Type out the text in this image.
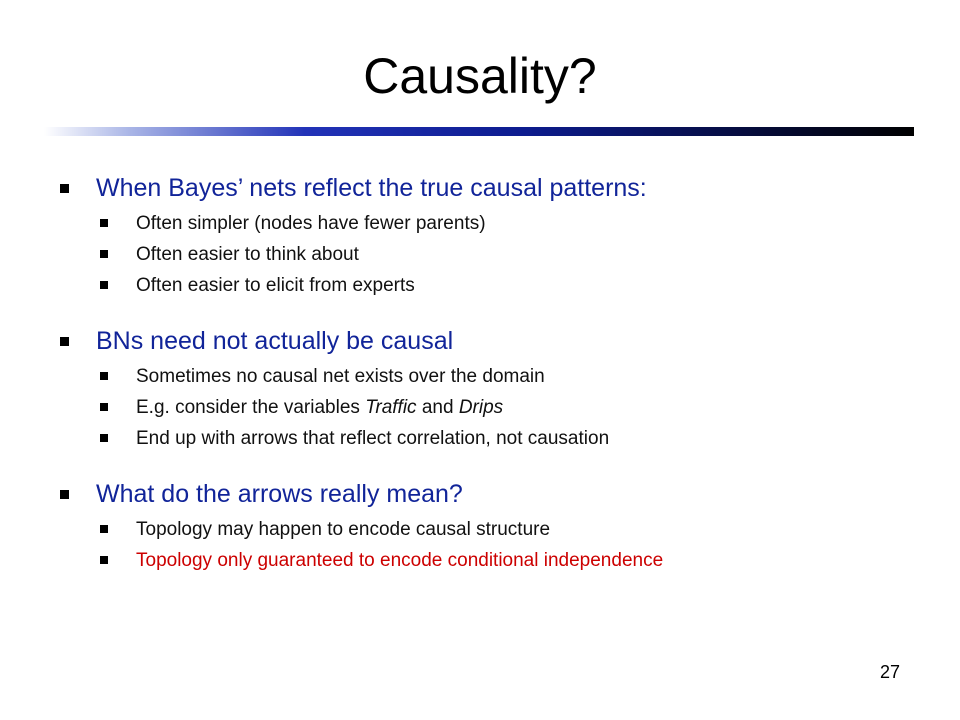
Causality?
When Bayes’ nets reflect the true causal patterns:
Often simpler (nodes have fewer parents)
Often easier to think about
Often easier to elicit from experts
BNs need not actually be causal
Sometimes no causal net exists over the domain
E.g. consider the variables Traffic and Drips
End up with arrows that reflect correlation, not causation
What do the arrows really mean?
Topology may happen to encode causal structure
Topology only guaranteed to encode conditional independence
27
